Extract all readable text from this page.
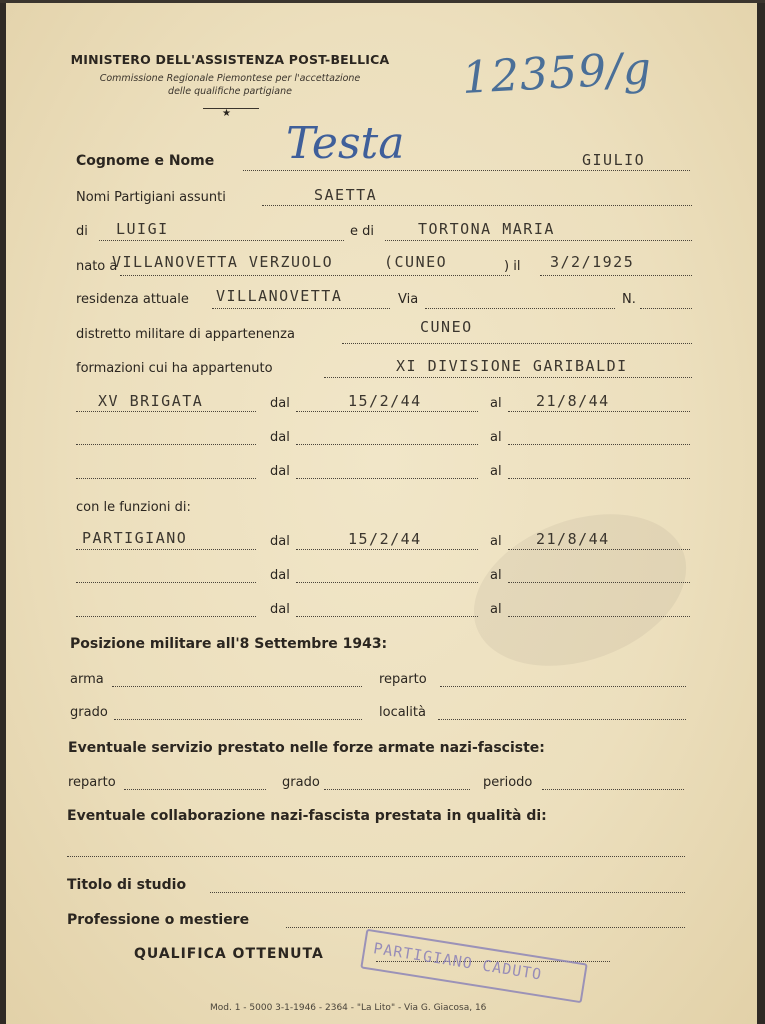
MINISTERO DELL'ASSISTENZA POST-BELLICA
Commissione Regionale Piemontese per l'accettazione
delle qualifiche partigiane
★
12359/g
Cognome e Nome Testa	GIULIO
Nomi Partigiani assunti	SAETTA
di LUIGI	e di	TORTONA MARIA
nato a
VILLANOVETTA VERZUOLO	(CUNEO	) il 3/2/1925
residenza attuale VILLANOVETTA	Via	N.
distretto militare di appartenenza	CUNEO
formazioni cui ha appartenuto	XI DIVISIONE GARIBALDI
XV BRIGATA	dal	15/2/44	al 21/8/44
dal	al
dal	al
con le funzioni di:
PARTIGIANO	dal	15/2/44	al 21/8/44
dal	al
dal	al
Posizione militare all'8 Settembre 1943:
arma	reparto
grado	località
Eventuale servizio prestato nelle forze armate nazi-fasciste:
reparto	grado	periodo
Eventuale collaborazione nazi-fascista prestata in qualità di:
Titolo di studio
Professione o mestiere
QUALIFICA OTTENUTA	PARTIGIANO CADUTO
Mod. 1 - 5000 3-1-1946 - 2364 - "La Lito" - Via G. Giacosa, 16
